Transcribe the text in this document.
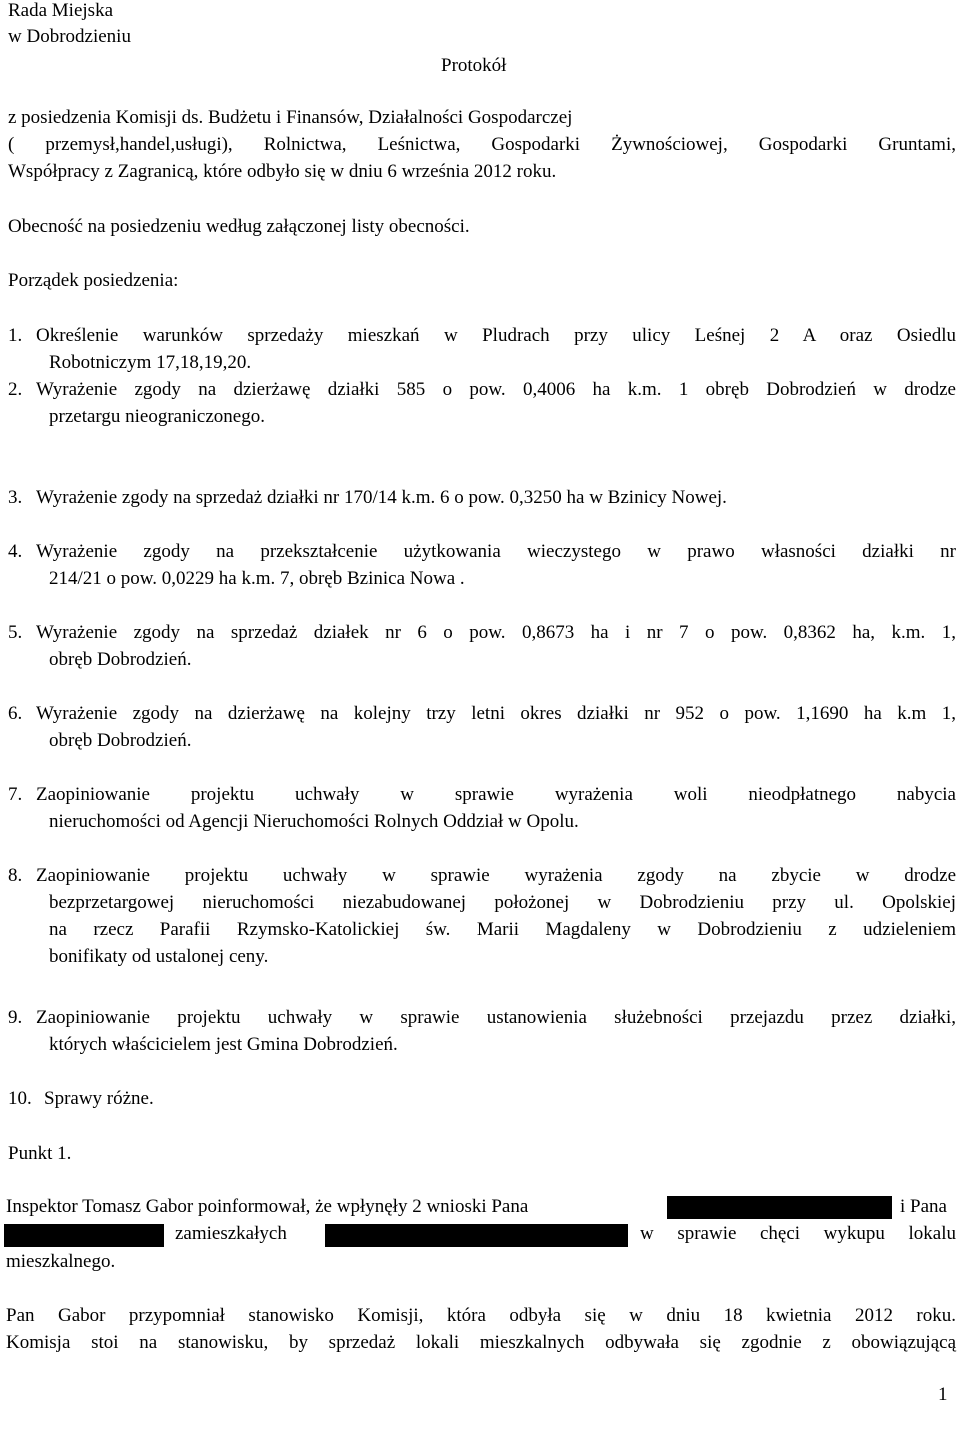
Rada Miejska
w Dobrodzieniu
Protokół
z posiedzenia Komisji ds. Budżetu i Finansów, Działalności Gospodarczej
( przemysł,handel,usługi), Rolnictwa, Leśnictwa, Gospodarki Żywnościowej, Gospodarki Gruntami,
Współpracy z Zagranicą, które odbyło się w dniu 6 września 2012 roku.
Obecność na posiedzeniu według załączonej listy obecności.
Porządek posiedzenia:
1. Określenie warunków sprzedaży mieszkań w Pludrach przy ulicy Leśnej 2 A oraz Osiedlu
Robotniczym 17,18,19,20.
2. Wyrażenie zgody na dzierżawę działki 585 o pow. 0,4006 ha k.m. 1 obręb Dobrodzień w drodze
przetargu nieograniczonego.
3. Wyrażenie zgody na sprzedaż działki nr 170/14 k.m. 6 o pow. 0,3250 ha w Bzinicy Nowej.
4. Wyrażenie zgody na przekształcenie użytkowania wieczystego w prawo własności działki nr
214/21 o pow. 0,0229 ha k.m. 7, obręb Bzinica Nowa .
5. Wyrażenie zgody na sprzedaż działek nr 6 o pow. 0,8673 ha i nr 7 o pow. 0,8362 ha, k.m. 1,
obręb Dobrodzień.
6. Wyrażenie zgody na dzierżawę na kolejny trzy letni okres działki nr 952 o pow. 1,1690 ha k.m 1,
obręb Dobrodzień.
7. Zaopiniowanie projektu uchwały w sprawie wyrażenia woli nieodpłatnego nabycia
nieruchomości od Agencji Nieruchomości Rolnych Oddział w Opolu.
8. Zaopiniowanie projektu uchwały w sprawie wyrażenia zgody na zbycie w drodze
bezprzetargowej nieruchomości niezabudowanej położonej w Dobrodzieniu przy ul. Opolskiej
na rzecz Parafii Rzymsko-Katolickiej św. Marii Magdaleny w Dobrodzieniu z udzieleniem
bonifikaty od ustalonej ceny.
9. Zaopiniowanie projektu uchwały w sprawie ustanowienia służebności przejazdu przez działki,
których właścicielem jest Gmina Dobrodzień.
10. Sprawy różne.
Punkt 1.
Inspektor Tomasz Gabor poinformował, że wpłynęły 2 wnioski Pana	i Pana
zamieszkałych	w sprawie chęci wykupu lokalu
mieszkalnego.
Pan Gabor przypomniał stanowisko Komisji, która odbyła się w dniu 18 kwietnia 2012 roku.
Komisja stoi na stanowisku, by sprzedaż lokali mieszkalnych odbywała się zgodnie z obowiązującą
1
